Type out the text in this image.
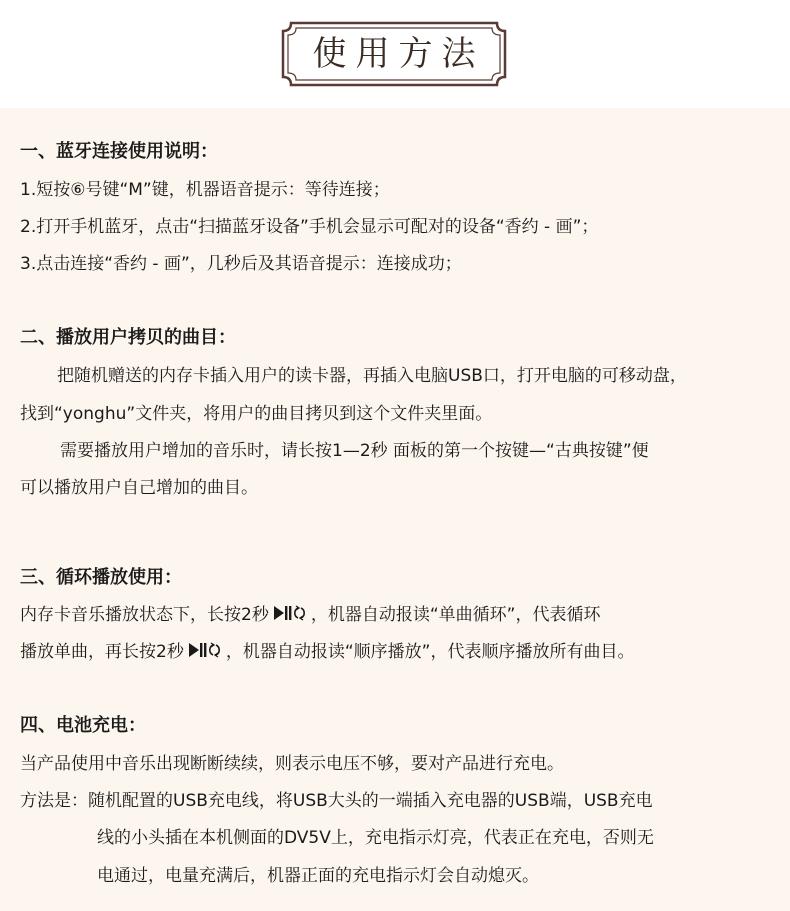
使用方法
一、蓝牙连接使用说明：
1.短按⑥号键“M”键，机器语音提示：等待连接；
2.打开手机蓝牙，点击“扫描蓝牙设备”手机会显示可配对的设备“香约 - 画”；
3.点击连接“香约 - 画”，几秒后及其语音提示：连接成功；
二、播放用户拷贝的曲目：
把随机赠送的内存卡插入用户的读卡器，再插入电脑USB口，打开电脑的可移动盘，
找到“yonghu”文件夹，将用户的曲目拷贝到这个文件夹里面。
需要播放用户增加的音乐时，请长按1—2秒 面板的第一个按键—“古典按键”便
可以播放用户自己增加的曲目。
三、循环播放使用：
内存卡音乐播放状态下，长按2秒 ，机器自动报读“单曲循环”，代表循环
播放单曲，再长按2秒 ，机器自动报读“顺序播放”，代表顺序播放所有曲目。
四、电池充电：
当产品使用中音乐出现断断续续，则表示电压不够，要对产品进行充电。
方法是：随机配置的USB充电线，将USB大头的一端插入充电器的USB端，USB充电
线的小头插在本机侧面的DV5V上，充电指示灯亮，代表正在充电，否则无
电通过，电量充满后，机器正面的充电指示灯会自动熄灭。
